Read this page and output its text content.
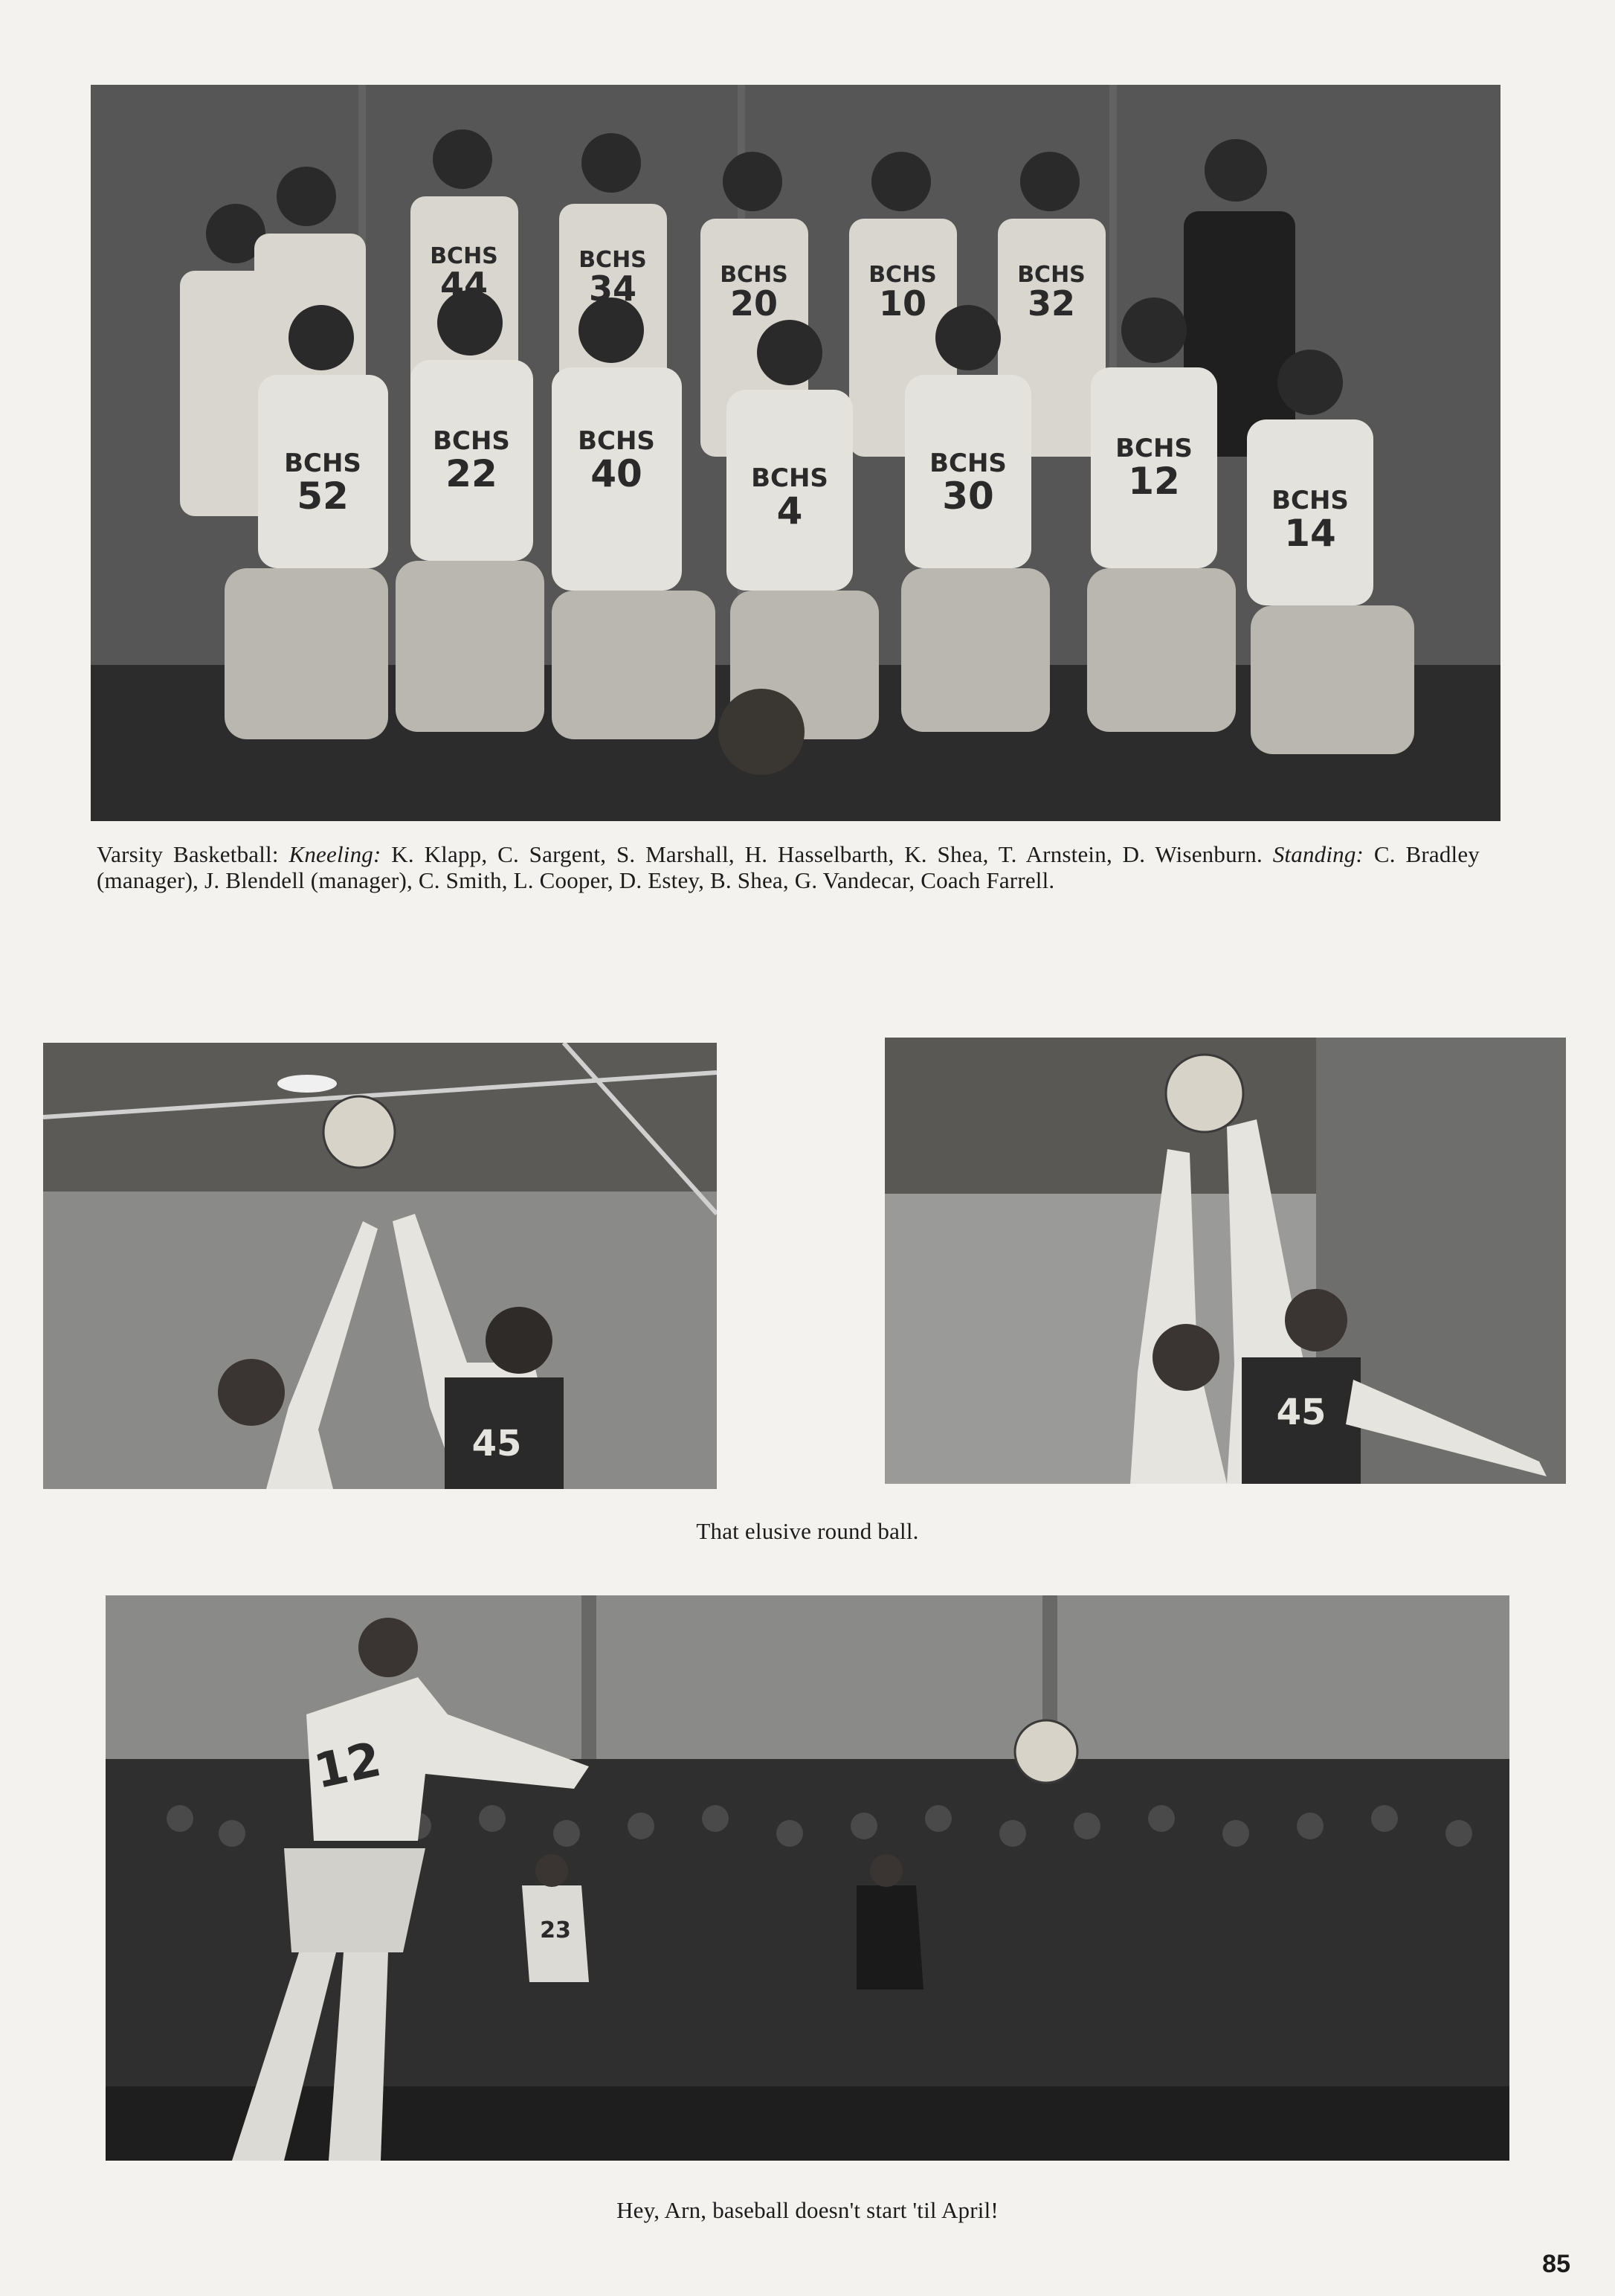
BCHS
44
BCHS
34	BCHS
20
BCHS
10
BCHS
32
BCHS
52
BCHS
22
BCHS
40	BCHS
4
BCHS
30
BCHS
12	BCHS
14
Varsity Basketball: Kneeling: K. Klapp, C. Sargent, S. Marshall, H. Hasselbarth, K. Shea, T. Arnstein, D. Wisenburn. Standing: C. Bradley (manager), J. Blendell (manager), C. Smith, L. Cooper, D. Estey, B. Shea, G. Vandecar, Coach Farrell.
45
45
That elusive round ball.
12
23
Hey, Arn, baseball doesn't start 'til April!
85
